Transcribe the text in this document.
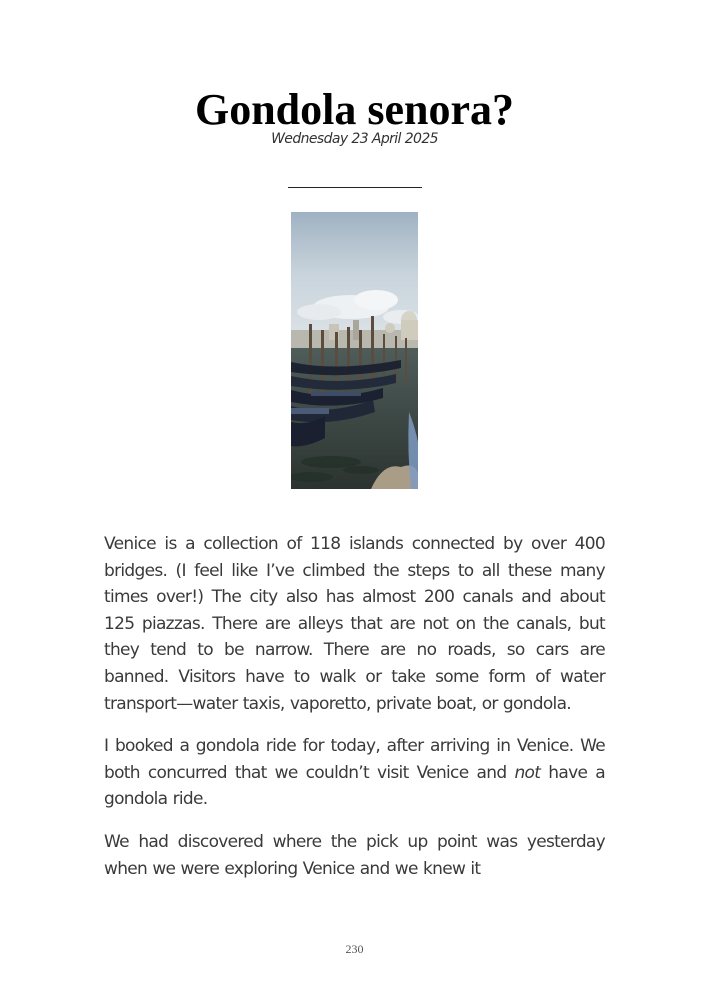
Gondola senora?
Wednesday 23 April 2025

Venice is a collection of 118 islands connected by over 400 bridges. (I feel like I’ve climbed the steps to all these many times over!) The city also has almost 200 canals and about 125 piazzas. There are alleys that are not on the canals, but they tend to be narrow. There are no roads, so cars are banned. Visitors have to walk or take some form of water transport—water taxis, vaporetto, private boat, or gondola.

I booked a gondola ride for today, after arriving in Venice. We both concurred that we couldn’t visit Venice and not have a gondola ride.

We had discovered where the pick up point was yesterday when we were exploring Venice and we knew it

230
